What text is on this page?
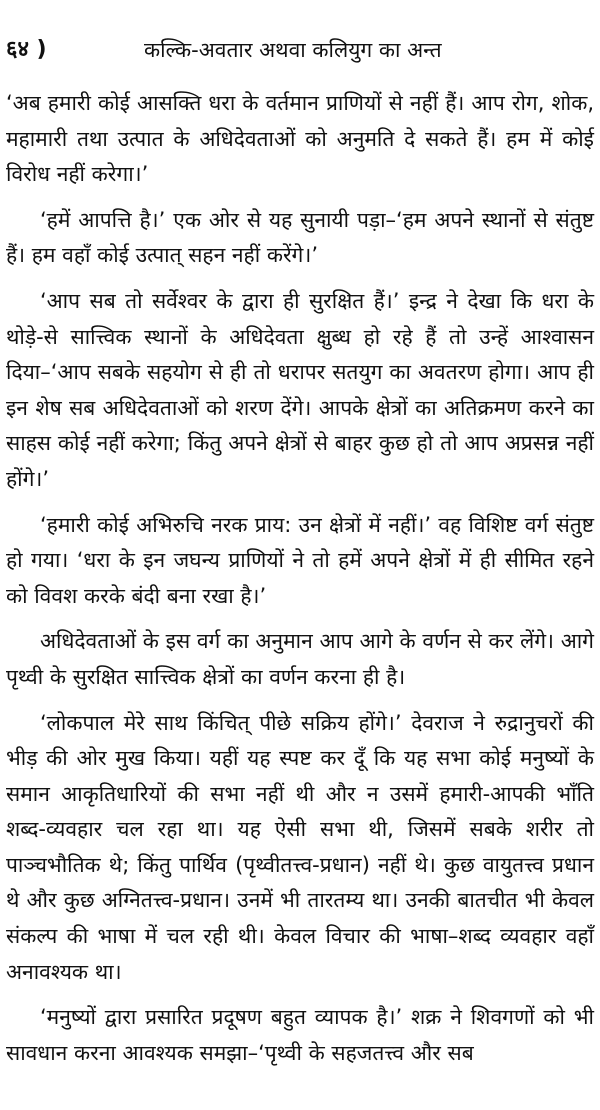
६४ )	कल्कि-अवतार अथवा कलियुग का अन्त

‘अब हमारी कोई आसक्ति धरा के वर्तमान प्राणियों से नहीं हैं। आप रोग, शोक, महामारी तथा उत्पात के अधिदेवताओं को अनुमति दे सकते हैं। हम में कोई विरोध नहीं करेगा।’

‘हमें आपत्ति है।’ एक ओर से यह सुनायी पड़ा–‘हम अपने स्थानों से संतुष्ट हैं। हम वहाँ कोई उत्पात् सहन नहीं करेंगे।’

‘आप सब तो सर्वेश्वर के द्वारा ही सुरक्षित हैं।’ इन्द्र ने देखा कि धरा के थोड़े-से सात्त्विक स्थानों के अधिदेवता क्षुब्ध हो रहे हैं तो उन्हें आश्वासन दिया–‘आप सबके सहयोग से ही तो धरापर सतयुग का अवतरण होगा। आप ही इन शेष सब अधिदेवताओं को शरण देंगे। आपके क्षेत्रों का अतिक्रमण करने का साहस कोई नहीं करेगा; किंतु अपने क्षेत्रों से बाहर कुछ हो तो आप अप्रसन्न नहीं होंगे।’

‘हमारी कोई अभिरुचि नरक प्राय: उन क्षेत्रों में नहीं।’ वह विशिष्ट वर्ग संतुष्ट हो गया। ‘धरा के इन जघन्य प्राणियों ने तो हमें अपने क्षेत्रों में ही सीमित रहने को विवश करके बंदी बना रखा है।’

अधिदेवताओं के इस वर्ग का अनुमान आप आगे के वर्णन से कर लेंगे। आगे पृथ्वी के सुरक्षित सात्त्विक क्षेत्रों का वर्णन करना ही है।

‘लोकपाल मेरे साथ किंचित् पीछे सक्रिय होंगे।’ देवराज ने रुद्रानुचरों की भीड़ की ओर मुख किया। यहीं यह स्पष्ट कर दूँ कि यह सभा कोई मनुष्यों के समान आकृतिधारियों की सभा नहीं थी और न उसमें हमारी-आपकी भाँति शब्द-व्यवहार चल रहा था। यह ऐसी सभा थी, जिसमें सबके शरीर तो पाञ्चभौतिक थे; किंतु पार्थिव (पृथ्वीतत्त्व-प्रधान) नहीं थे। कुछ वायुतत्त्व प्रधान थे और कुछ अग्नितत्त्व-प्रधान। उनमें भी तारतम्य था। उनकी बातचीत भी केवल संकल्प की भाषा में चल रही थी। केवल विचार की भाषा–शब्द व्यवहार वहाँ अनावश्यक था।

‘मनुष्यों द्वारा प्रसारित प्रदूषण बहुत व्यापक है।’ शक्र ने शिवगणों को भी सावधान करना आवश्यक समझा–‘पृथ्वी के सहजतत्त्व और सब
